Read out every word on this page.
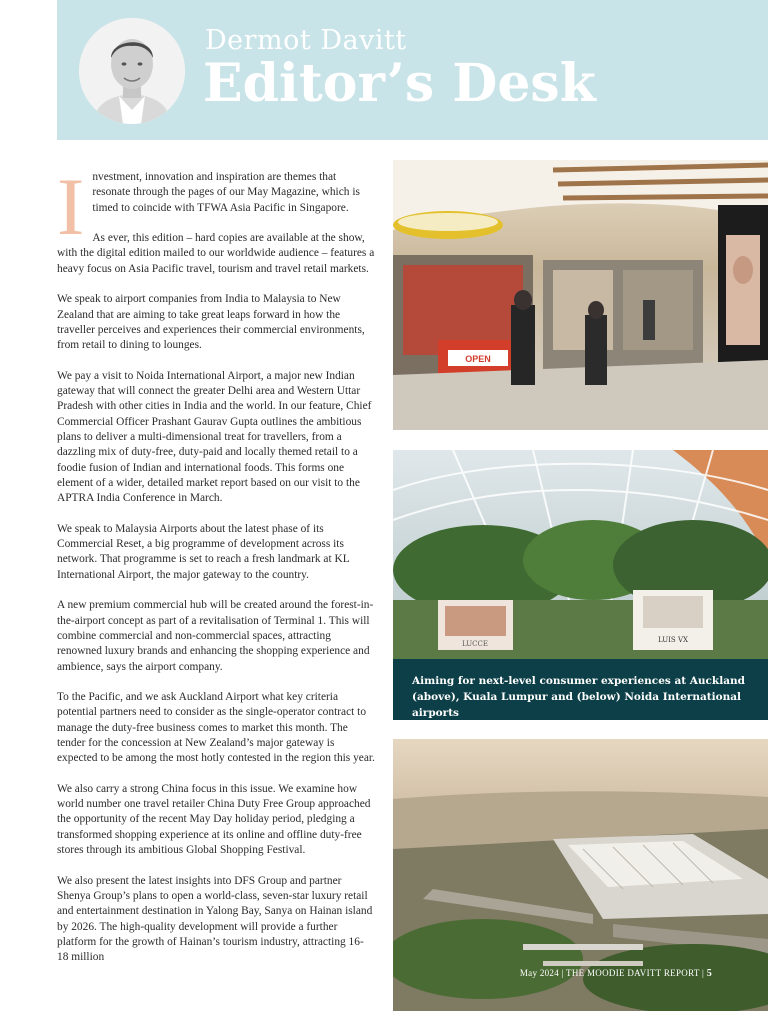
Dermot Davitt
Editor’s Desk

Investment, innovation and inspiration are themes that resonate through the pages of our May Magazine, which is timed to coincide with TFWA Asia Pacific in Singapore.

As ever, this edition – hard copies are available at the show, with the digital edition mailed to our worldwide audience – features a heavy focus on Asia Pacific travel, tourism and travel retail markets.

We speak to airport companies from India to Malaysia to New Zealand that are aiming to take great leaps forward in how the traveller perceives and experiences their commercial environments, from retail to dining to lounges.

We pay a visit to Noida International Airport, a major new Indian gateway that will connect the greater Delhi area and Western Uttar Pradesh with other cities in India and the world. In our feature, Chief Commercial Officer Prashant Gaurav Gupta outlines the ambitious plans to deliver a multi-dimensional treat for travellers, from a dazzling mix of duty-free, duty-paid and locally themed retail to a foodie fusion of Indian and international foods. This forms one element of a wider, detailed market report based on our visit to the APTRA India Conference in March.

We speak to Malaysia Airports about the latest phase of its Commercial Reset, a big programme of development across its network. That programme is set to reach a fresh landmark at KL International Airport, the major gateway to the country.

A new premium commercial hub will be created around the forest-in-the-airport concept as part of a revitalisation of Terminal 1. This will combine commercial and non-commercial spaces, attracting renowned luxury brands and enhancing the shopping experience and ambience, says the airport company.

To the Pacific, and we ask Auckland Airport what key criteria potential partners need to consider as the single-operator contract to manage the duty-free business comes to market this month. The tender for the concession at New Zealand’s major gateway is expected to be among the most hotly contested in the region this year.

We also carry a strong China focus in this issue. We examine how world number one travel retailer China Duty Free Group approached the opportunity of the recent May Day holiday period, pledging a transformed shopping experience at its online and offline duty-free stores through its ambitious Global Shopping Festival.

We also present the latest insights into DFS Group and partner Shenya Group’s plans to open a world-class, seven-star luxury retail and entertainment destination in Yalong Bay, Sanya on Hainan island by 2026. The high-quality development will provide a further platform for the growth of Hainan’s tourism industry, attracting 16-18 million

OPEN
LUCCE	LUIS VX
Aiming for next-level consumer experiences at Auckland (above), Kuala Lumpur and (below) Noida International airports
May 2024 | THE MOODIE DAVITT REPORT | 5
